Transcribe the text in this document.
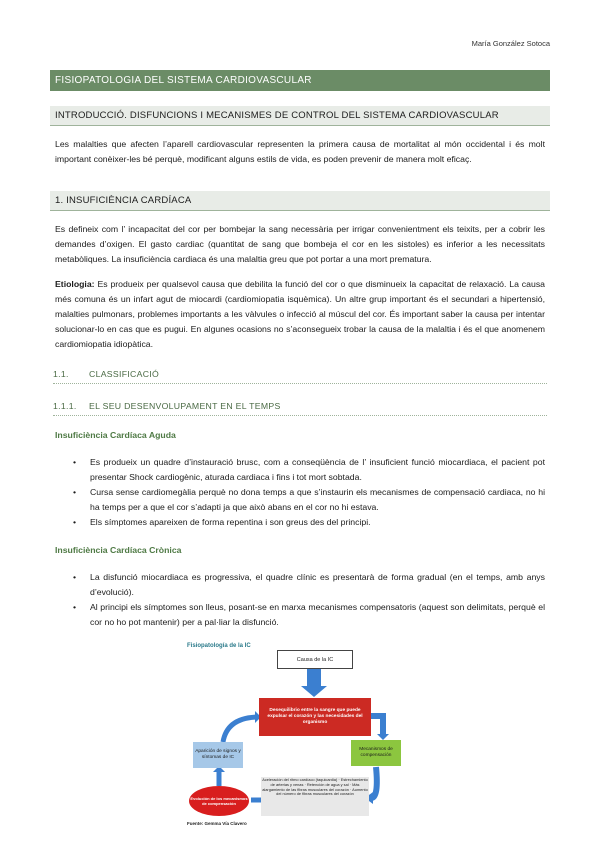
María González Sotoca
FISIOPATOLOGIA DEL SISTEMA CARDIOVASCULAR
INTRODUCCIÓ. DISFUNCIONS I MECANISMES DE CONTROL DEL SISTEMA CARDIOVASCULAR

Les malalties que afecten l’aparell cardiovascular representen la primera causa de mortalitat al món occidental i és molt important conèixer-les bé perquè, modificant alguns estils de vida, es poden prevenir de manera molt eficaç.

1. INSUFICIÈNCIA CARDÍACA

Es defineix com l’ incapacitat del cor per bombejar la sang necessària per irrigar convenientment els teixits, per a cobrir les demandes d’oxigen. El gasto cardiac (quantitat de sang que bombeja el cor en les sistoles) es inferior a les necessitats metabòliques. La insuficiència cardiaca és una malaltia greu que pot portar a una mort prematura.

Etiologia: Es produeix per qualsevol causa que debilita la funció del cor o que disminueix la capacitat de relaxació. La causa més comuna és un infart agut de miocardi (cardiomiopatia isquèmica). Un altre grup important és el secundari a hipertensió, malalties pulmonars, problemes importants a les vàlvules o infecció al múscul del cor. És important saber la causa per intentar solucionar-lo en cas que es pugui. En algunes ocasions no s’aconsegueix trobar la causa de la malaltia i és el que anomenem cardiomiopatia idiopàtica.

1.1. CLASSIFICACIÓ
1.1.1. EL SEU DESENVOLUPAMENT EN EL TEMPS
Insuficiència Cardíaca Aguda
• Es produeix un quadre d’instauració brusc, com a conseqüència de l’ insuficient funció miocardiaca, el pacient pot presentar Shock cardiogènic, aturada cardiaca i fins i tot mort sobtada.
• Cursa sense cardiomegàlia perquè no dona temps a que s’instaurin els mecanismes de compensació cardiaca, no hi ha temps per a que el cor s’adapti ja que això abans en el cor no hi estava.
• Els símptomes apareixen de forma repentina i son greus des del principi.
Insuficiència Cardíaca Crònica
• La disfunció miocardiaca es progressiva, el quadre clínic es presentarà de forma gradual (en el temps, amb anys d’evolució).
• Al principi els símptomes son lleus, posant-se en marxa mecanismes compensatoris (aquest son delimitats, perquè el cor no ho pot mantenir) per a pal·liar la disfunció.
Fisiopatología de la IC
Causa de la IC
Desequilibrio entre la sangre que puede expulsar el corazón y las necesidades del organismo
Mecanismos de compensación
Aparición de signos y síntomas de IC
Aceleración del ritmo cardíaco (taquicardia) · Estrechamiento de arterias y venas · Retención de agua y sal · Más alargamiento de las fibras musculares del corazón · Aumento del número de fibras musculares del corazón
Evolución de los mecanismos de compensación
Fuente: Gemma Vía Clavero
